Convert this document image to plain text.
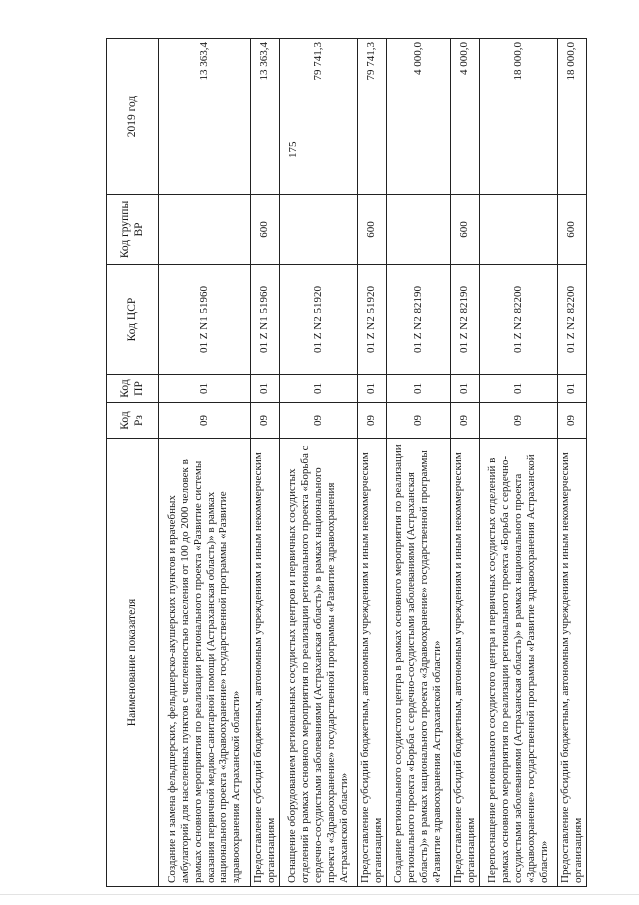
175
Наименование показателя	Код Рз	Код ПР	Код ЦСР	Код группы ВР	2019 год
Создание и замена фельдшерских, фельдшерско-акушерских пунктов и врачебных амбулаторий для населенных пунктов с численностью населения от 100 до 2000 человек в рамках основного мероприятия по реализации регионального проекта «Развитие системы оказания первичной медико-санитарной помощи (Астраханская область)» в рамках национального проекта «Здравоохранение» государственной программы «Развитие здравоохранения Астраханской области»	09	01	01 Z N1 51960		13 363,4
Предоставление субсидий бюджетным, автономным учреждениям и иным некоммерческим организациям	09	01	01 Z N1 51960	600	13 363,4
Оснащение оборудованием региональных сосудистых центров и первичных сосудистых отделений в рамках основного мероприятия по реализации регионального проекта «Борьба с сердечно-сосудистыми заболеваниями (Астраханская область)» в рамках национального проекта «Здравоохранение» государственной программы «Развитие здравоохранения Астраханской области»	09	01	01 Z N2 51920		79 741,3
Предоставление субсидий бюджетным, автономным учреждениям и иным некоммерческим организациям	09	01	01 Z N2 51920	600	79 741,3
Создание регионального сосудистого центра в рамках основного мероприятия по реализации регионального проекта «Борьба с сердечно-сосудистыми заболеваниями (Астраханская область)» в рамках национального проекта «Здравоохранение» государственной программы «Развитие здравоохранения Астраханской области»	09	01	01 Z N2 82190		4 000,0
Предоставление субсидий бюджетным, автономным учреждениям и иным некоммерческим организациям	09	01	01 Z N2 82190	600	4 000,0
Перепоснащение регионального сосудистого центра и первичных сосудистых отделений в рамках основного мероприятия по реализации регионального проекта «Борьба с сердечно-сосудистыми заболеваниями (Астраханская область)» в рамках национального проекта «Здравоохранение» государственной программы «Развитие здравоохранения Астраханской области»	09	01	01 Z N2 82200		18 000,0
Предоставление субсидий бюджетным, автономным учреждениям и иным некоммерческим организациям	09	01	01 Z N2 82200	600	18 000,0
